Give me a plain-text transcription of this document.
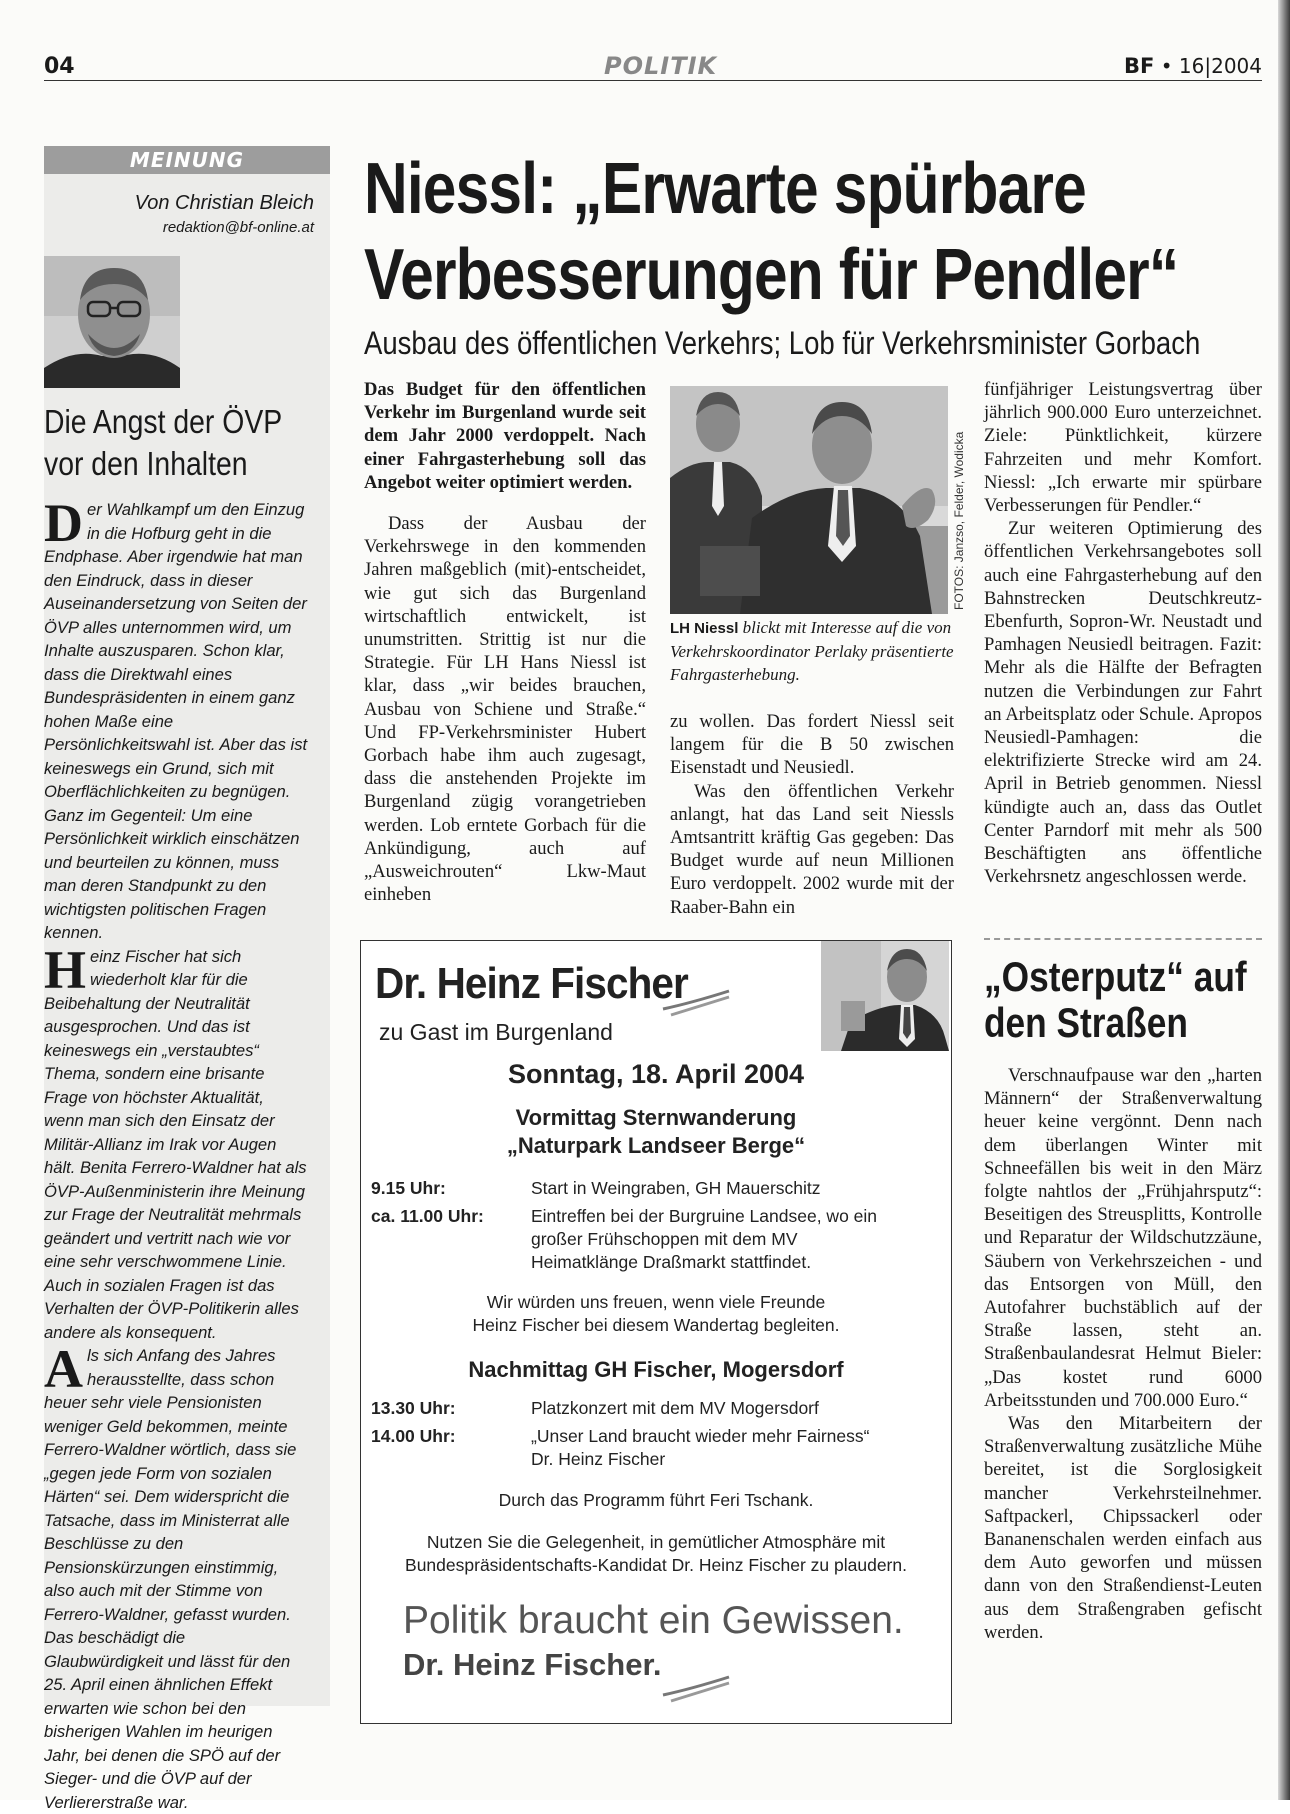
04	POLITIK	BF • 16|2004
MEINUNG
Von Christian Bleich
redaktion@bf-online.at
Die Angst der ÖVP vor den Inhalten

Der Wahlkampf um den Einzug in die Hofburg geht in die Endphase. Aber irgendwie hat man den Eindruck, dass in dieser Auseinandersetzung von Seiten der ÖVP alles unternommen wird, um Inhalte auszusparen. Schon klar, dass die Direktwahl eines Bundespräsidenten in einem ganz hohen Maße eine Persönlichkeitswahl ist. Aber das ist keineswegs ein Grund, sich mit Oberflächlichkeiten zu begnügen. Ganz im Gegenteil: Um eine Persönlichkeit wirklich einschätzen und beurteilen zu können, muss man deren Standpunkt zu den wichtigsten politischen Fragen kennen.

Heinz Fischer hat sich wiederholt klar für die Beibehaltung der Neutralität ausgesprochen. Und das ist keineswegs ein „verstaubtes“ Thema, sondern eine brisante Frage von höchster Aktualität, wenn man sich den Einsatz der Militär-Allianz im Irak vor Augen hält. Benita Ferrero-Waldner hat als ÖVP-Außenministerin ihre Meinung zur Frage der Neutralität mehrmals geändert und vertritt nach wie vor eine sehr verschwommene Linie. Auch in sozialen Fragen ist das Verhalten der ÖVP-Politikerin alles andere als konsequent.

Als sich Anfang des Jahres herausstellte, dass schon heuer sehr viele Pensionisten weniger Geld bekommen, meinte Ferrero-Waldner wörtlich, dass sie „gegen jede Form von sozialen Härten“ sei. Dem widerspricht die Tatsache, dass im Ministerrat alle Beschlüsse zu den Pensionskürzungen einstimmig, also auch mit der Stimme von Ferrero-Waldner, gefasst wurden. Das beschädigt die Glaubwürdigkeit und lässt für den 25. April einen ähnlichen Effekt erwarten wie schon bei den bisherigen Wahlen im heurigen Jahr, bei denen die SPÖ auf der Sieger- und die ÖVP auf der Verliererstraße war.

Niessl: „Erwarte spürbare Verbesserungen für Pendler“
Ausbau des öffentlichen Verkehrs; Lob für Verkehrsminister Gorbach

Das Budget für den öffentlichen Verkehr im Burgenland wurde seit dem Jahr 2000 verdoppelt. Nach einer Fahrgasterhebung soll das Angebot weiter optimiert werden.

Dass der Ausbau der Verkehrswege in den kommenden Jahren maßgeblich (mit)-entscheidet, wie gut sich das Burgenland wirtschaftlich entwickelt, ist unumstritten. Strittig ist nur die Strategie. Für LH Hans Niessl ist klar, dass „wir beides brauchen, Ausbau von Schiene und Straße.“ Und FP-Verkehrsminister Hubert Gorbach habe ihm auch zugesagt, dass die anstehenden Projekte im Burgenland zügig vorangetrieben werden. Lob erntete Gorbach für die Ankündigung, auch auf „Ausweichrouten“ Lkw-Maut einheben

FOTOS: Janzso, Felder, Wodicka
LH Niessl blickt mit Interesse auf die von Verkehrskoordinator Perlaky präsentierte Fahrgasterhebung.

zu wollen. Das fordert Niessl seit langem für die B 50 zwischen Eisenstadt und Neusiedl.

Was den öffentlichen Verkehr anlangt, hat das Land seit Niessls Amtsantritt kräftig Gas gegeben: Das Budget wurde auf neun Millionen Euro verdoppelt. 2002 wurde mit der Raaber-Bahn ein

fünfjähriger Leistungsvertrag über jährlich 900.000 Euro unterzeichnet. Ziele: Pünktlichkeit, kürzere Fahrzeiten und mehr Komfort. Niessl: „Ich erwarte mir spürbare Verbesserungen für Pendler.“

Zur weiteren Optimierung des öffentlichen Verkehrsangebotes soll auch eine Fahrgasterhebung auf den Bahnstrecken Deutschkreutz-Ebenfurth, Sopron-Wr. Neustadt und Pamhagen Neusiedl beitragen. Fazit: Mehr als die Hälfte der Befragten nutzen die Verbindungen zur Fahrt an Arbeitsplatz oder Schule. Apropos Neusiedl-Pamhagen: die elektrifizierte Strecke wird am 24. April in Betrieb genommen. Niessl kündigte auch an, dass das Outlet Center Parndorf mit mehr als 500 Beschäftigten ans öffentliche Verkehrsnetz angeschlossen werde.

Dr. Heinz Fischer
zu Gast im Burgenland
Sonntag, 18. April 2004
Vormittag Sternwanderung
„Naturpark Landseer Berge“
9.15 Uhr:	Start in Weingraben, GH Mauerschitz
ca. 11.00 Uhr:	Eintreffen bei der Burgruine Landsee, wo ein großer Frühschoppen mit dem MV Heimatklänge Draßmarkt stattfindet.
Wir würden uns freuen, wenn viele Freunde Heinz Fischer bei diesem Wandertag begleiten.
Nachmittag GH Fischer, Mogersdorf
13.30 Uhr:	Platzkonzert mit dem MV Mogersdorf
14.00 Uhr:	„Unser Land braucht wieder mehr Fairness“ Dr. Heinz Fischer
Durch das Programm führt Feri Tschank.
Nutzen Sie die Gelegenheit, in gemütlicher Atmosphäre mit Bundespräsidentschafts-Kandidat Dr. Heinz Fischer zu plaudern.
Politik braucht ein Gewissen.
Dr. Heinz Fischer.
„Osterputz“ auf den Straßen

Verschnaufpause war den „harten Männern“ der Straßenverwaltung heuer keine vergönnt. Denn nach dem überlangen Winter mit Schneefällen bis weit in den März folgte nahtlos der „Frühjahrsputz“: Beseitigen des Streusplitts, Kontrolle und Reparatur der Wildschutzzäune, Säubern von Verkehrszeichen - und das Entsorgen von Müll, den Autofahrer buchstäblich auf der Straße lassen, steht an. Straßenbaulandesrat Helmut Bieler: „Das kostet rund 6000 Arbeitsstunden und 700.000 Euro.“

Was den Mitarbeitern der Straßenverwaltung zusätzliche Mühe bereitet, ist die Sorglosigkeit mancher Verkehrsteilnehmer. Saftpackerl, Chipssackerl oder Bananenschalen werden einfach aus dem Auto geworfen und müssen dann von den Straßendienst-Leuten aus dem Straßengraben gefischt werden.
